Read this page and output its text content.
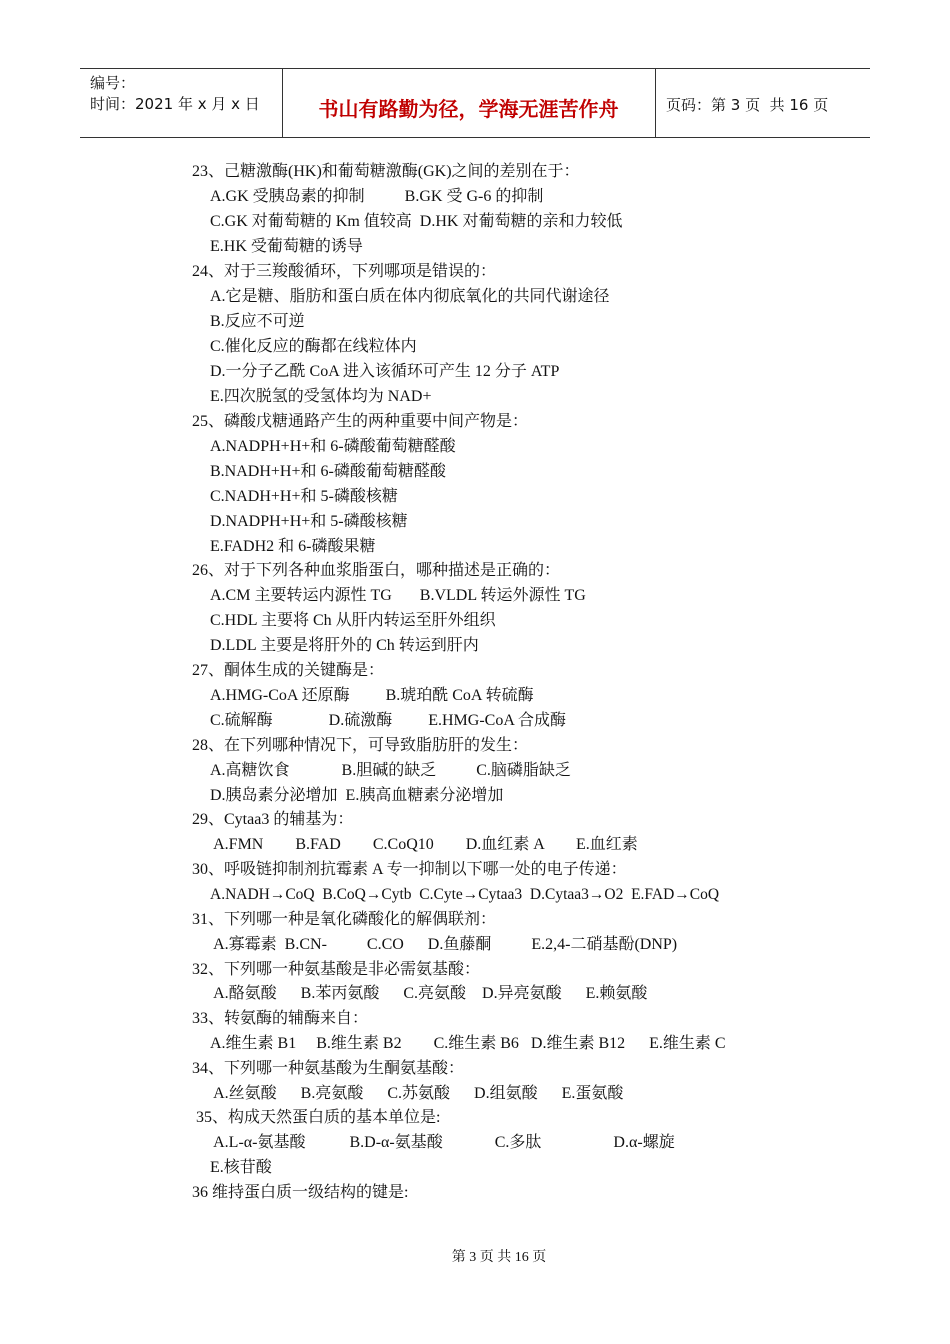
编号：
时间：2021 年 x 月 x 日	书山有路勤为径，学海无涯苦作舟	页码：第 3 页  共 16 页
23、己糖激酶(HK)和葡萄糖激酶(GK)之间的差别在于：
A.GK 受胰岛素的抑制          B.GK 受 G-6 的抑制
C.GK 对葡萄糖的 Km 值较高  D.HK 对葡萄糖的亲和力较低
E.HK 受葡萄糖的诱导
24、对于三羧酸循环，下列哪项是错误的：
A.它是糖、脂肪和蛋白质在体内彻底氧化的共同代谢途径
B.反应不可逆
C.催化反应的酶都在线粒体内
D.一分子乙酰 CoA 进入该循环可产生 12 分子 ATP
E.四次脱氢的受氢体均为 NAD+
25、磷酸戊糖通路产生的两种重要中间产物是：
A.NADPH+H+和 6-磷酸葡萄糖醛酸
B.NADH+H+和 6-磷酸葡萄糖醛酸
C.NADH+H+和 5-磷酸核糖
D.NADPH+H+和 5-磷酸核糖
E.FADH2 和 6-磷酸果糖
26、对于下列各种血浆脂蛋白，哪种描述是正确的：
A.CM 主要转运内源性 TG       B.VLDL 转运外源性 TG
C.HDL 主要将 Ch 从肝内转运至肝外组织
D.LDL 主要是将肝外的 Ch 转运到肝内
27、酮体生成的关键酶是：
A.HMG-CoA 还原酶         B.琥珀酰 CoA 转硫酶
C.硫解酶              D.硫激酶         E.HMG-CoA 合成酶
28、在下列哪种情况下，可导致脂肪肝的发生：
A.高糖饮食             B.胆碱的缺乏          C.脑磷脂缺乏
D.胰岛素分泌增加  E.胰高血糖素分泌增加
29、Cytaa3 的辅基为：
A.FMN        B.FAD        C.CoQ10        D.血红素 A        E.血红素
30、呼吸链抑制剂抗霉素 A 专一抑制以下哪一处的电子传递：
A.NADH→CoQ  B.CoQ→Cytb  C.Cyte→Cytaa3  D.Cytaa3→O2  E.FAD→CoQ
31、下列哪一种是氧化磷酸化的解偶联剂：
A.寡霉素  B.CN-          C.CO      D.鱼藤酮          E.2,4-二硝基酚(DNP)
32、下列哪一种氨基酸是非必需氨基酸：
A.酪氨酸      B.苯丙氨酸      C.亮氨酸    D.异亮氨酸      E.赖氨酸
33、转氨酶的辅酶来自：
A.维生素 B1     B.维生素 B2        C.维生素 B6   D.维生素 B12      E.维生素 C
34、下列哪一种氨基酸为生酮氨基酸：
A.丝氨酸      B.亮氨酸      C.苏氨酸      D.组氨酸      E.蛋氨酸
35、构成天然蛋白质的基本单位是:
A.L-α-氨基酸           B.D-α-氨基酸             C.多肽                  D.α-螺旋
E.核苷酸
36 维持蛋白质一级结构的键是:
第 3 页 共 16 页
